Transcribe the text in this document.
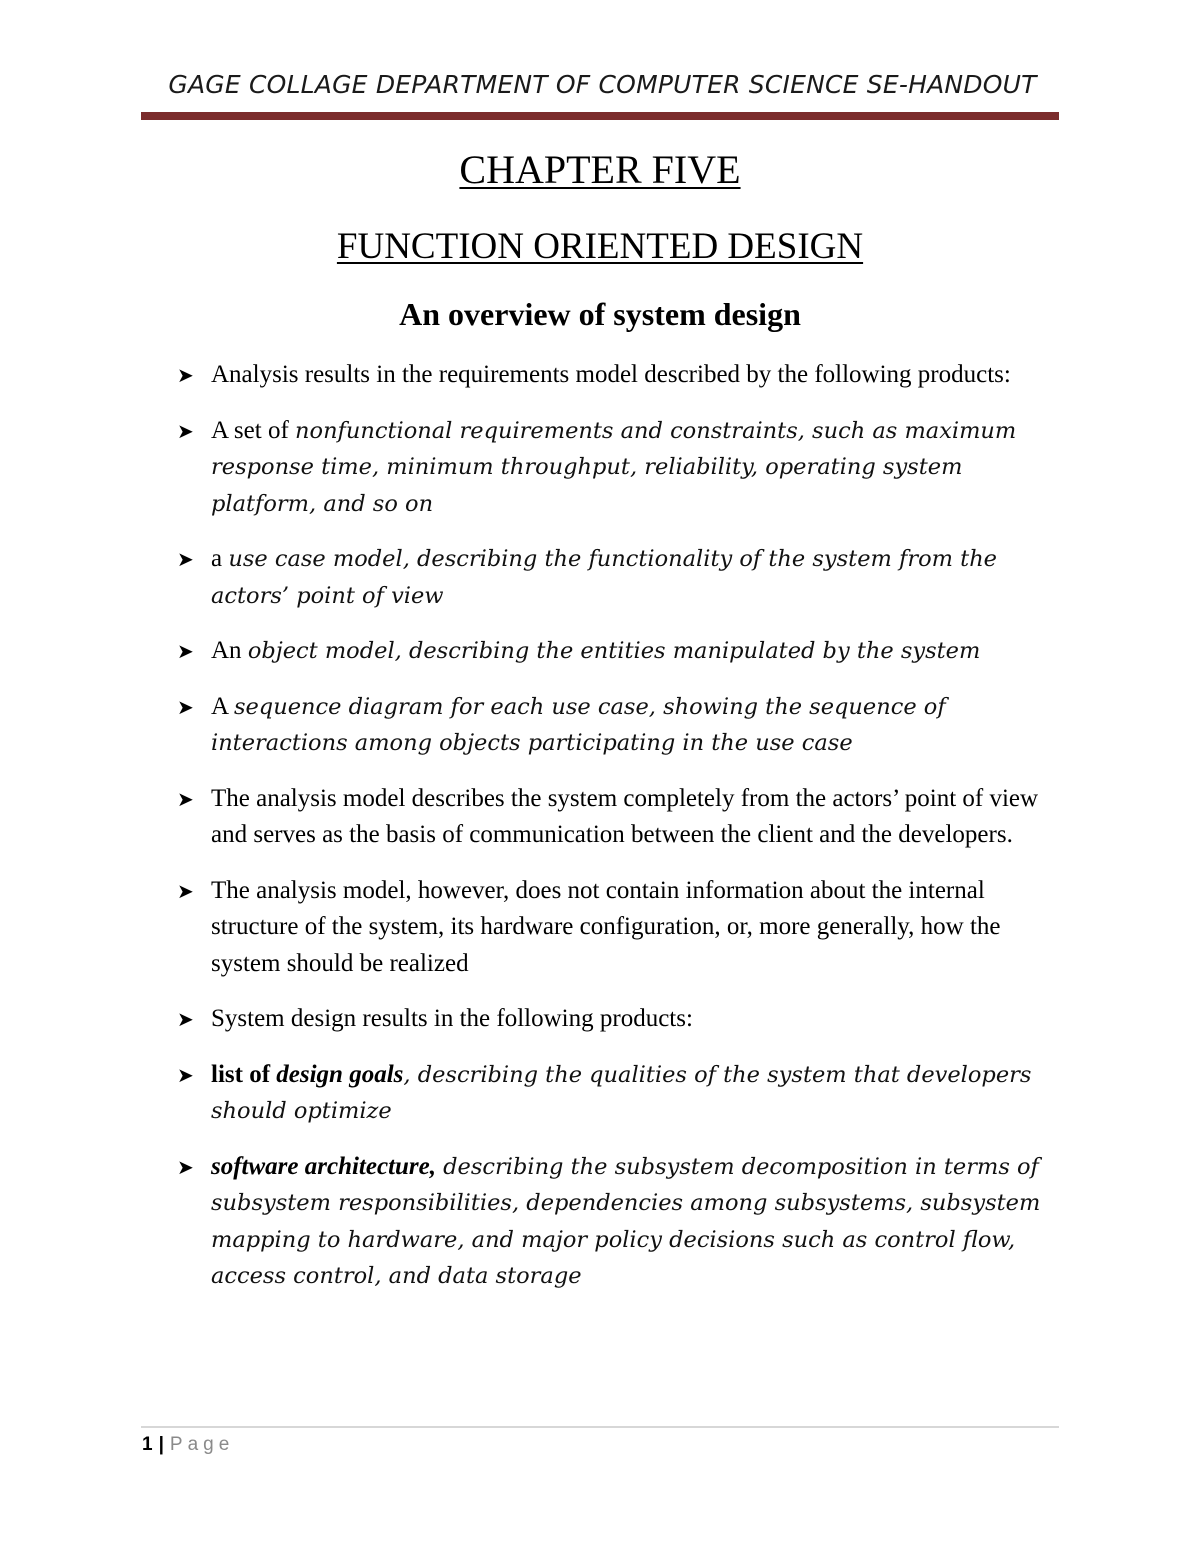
GAGE COLLAGE DEPARTMENT OF COMPUTER SCIENCE SE-HANDOUT
CHAPTER FIVE
FUNCTION ORIENTED DESIGN
An overview of system design
➤ Analysis results in the requirements model described by the following products:
➤ A set of nonfunctional requirements and constraints, such as maximum response time, minimum throughput, reliability, operating system platform, and so on
➤ a use case model, describing the functionality of the system from the actors’ point of view
➤ An object model, describing the entities manipulated by the system
➤ A sequence diagram for each use case, showing the sequence of interactions among objects participating in the use case
➤ The analysis model describes the system completely from the actors’ point of view and serves as the basis of communication between the client and the developers.
➤ The analysis model, however, does not contain information about the internal structure of the system, its hardware configuration, or, more generally, how the system should be realized
➤ System design results in the following products:
➤ list of design goals, describing the qualities of the system that developers should optimize
➤ software architecture, describing the subsystem decomposition in terms of subsystem responsibilities, dependencies among subsystems, subsystem mapping to hardware, and major policy decisions such as control flow, access control, and data storage
1 | Page
